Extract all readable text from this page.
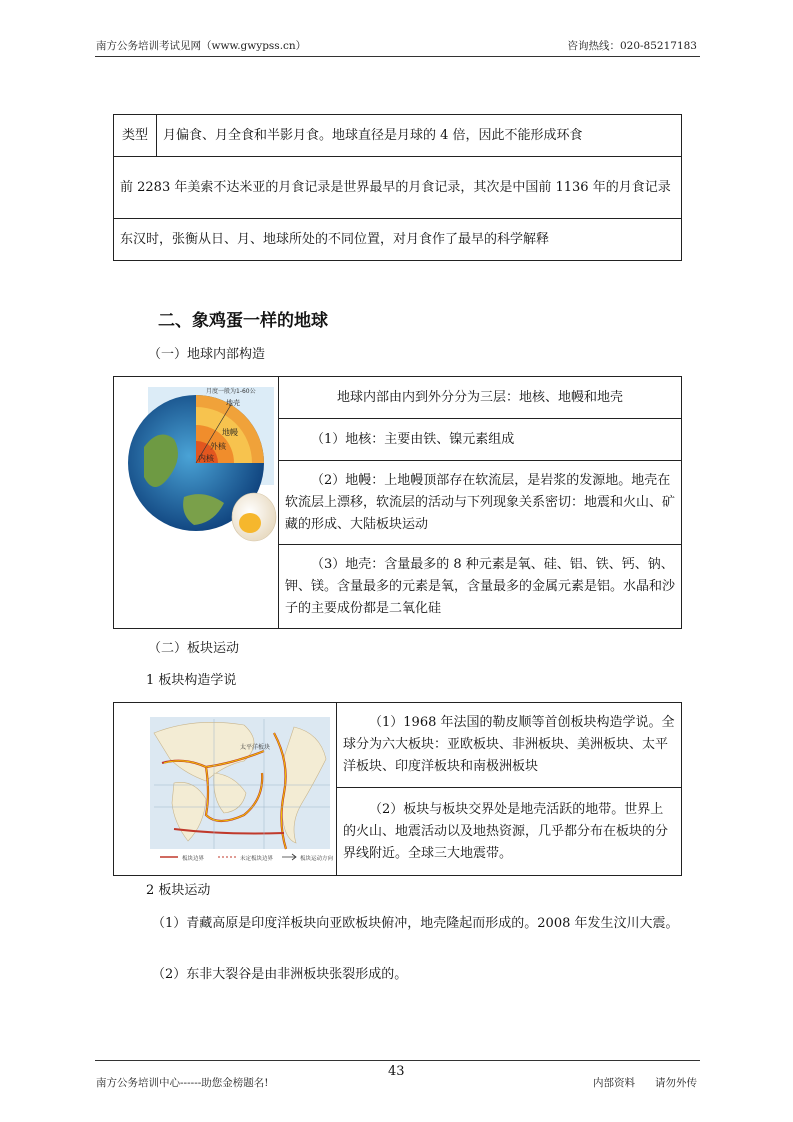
南方公务培训考试见网（www.gwypss.cn）	咨询热线：020-85217183
类型	月偏食、月全食和半影月食。地球直径是月球的 4 倍，因此不能形成环食
前 2283 年美索不达米亚的月食记录是世界最早的月食记录，其次是中国前 1136 年的月食记录
东汉时，张衡从日、月、地球所处的不同位置，对月食作了最早的科学解释
二、象鸡蛋一样的地球
（一）地球内部构造
月度一般为1-60公
地壳
地幔
外核
内核
	地球内部由内到外分分为三层：地核、地幔和地壳
（1）地核：主要由铁、镍元素组成
（2）地幔：上地幔顶部存在软流层，是岩浆的发源地。地壳在软流层上漂移，软流层的活动与下列现象关系密切：地震和火山、矿藏的形成、大陆板块运动
（3）地壳：含量最多的 8 种元素是氧、硅、铝、铁、钙、钠、钾、镁。含量最多的元素是氧，含量最多的金属元素是铝。水晶和沙子的主要成份都是二氧化硅
（二）板块运动
1 板块构造学说
太平洋板块
板块边界	未定板块边界	板块运动方向
	（1）1968 年法国的勒皮顺等首创板块构造学说。全球分为六大板块：亚欧板块、非洲板块、美洲板块、太平洋板块、印度洋板块和南极洲板块
（2）板块与板块交界处是地壳活跃的地带。世界上的火山、地震活动以及地热资源，几乎都分布在板块的分界线附近。全球三大地震带。
2 板块运动
（1）青藏高原是印度洋板块向亚欧板块俯冲，地壳隆起而形成的。2008 年发生汶川大震。
（2）东非大裂谷是由非洲板块张裂形成的。
43
南方公务培训中心------助您金榜题名!	内部资料      请勿外传
